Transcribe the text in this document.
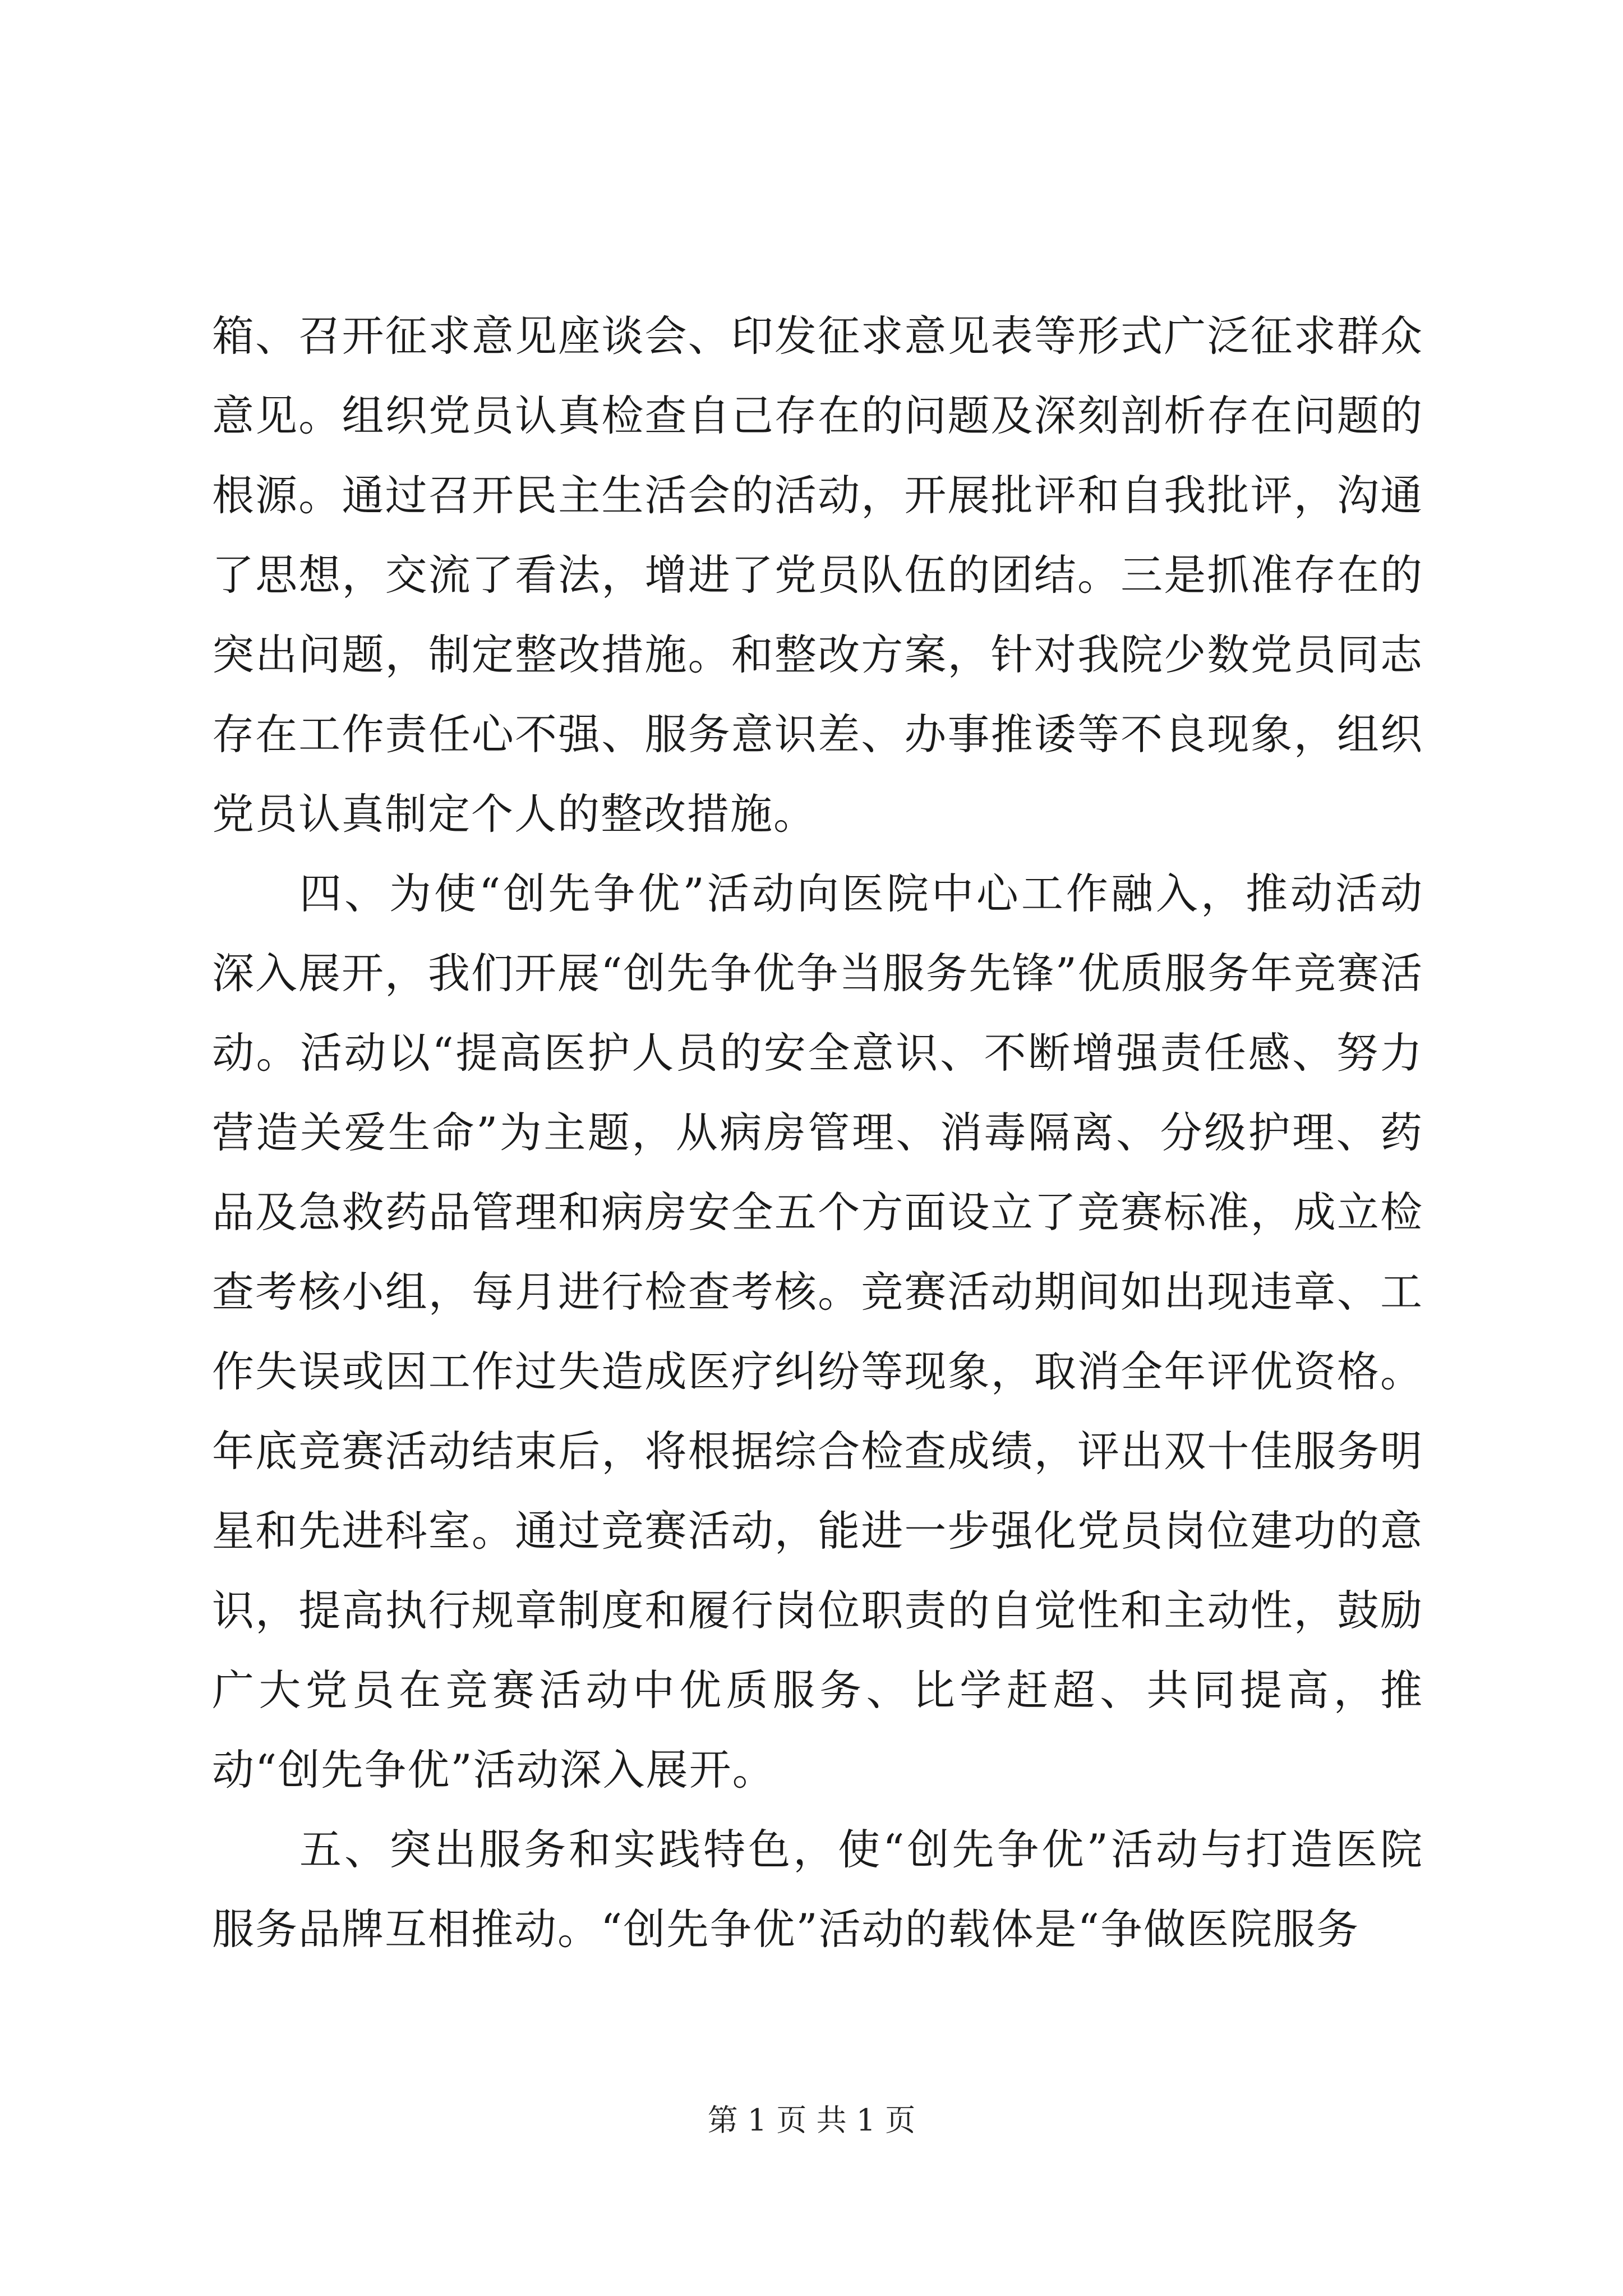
箱、召开征求意见座谈会、印发征求意见表等形式广泛征求群众意见。组织党员认真检查自己存在的问题及深刻剖析存在问题的根源。通过召开民主生活会的活动，开展批评和自我批评，沟通了思想，交流了看法，增进了党员队伍的团结。三是抓准存在的突出问题，制定整改措施。和整改方案，针对我院少数党员同志存在工作责任心不强、服务意识差、办事推诿等不良现象，组织党员认真制定个人的整改措施。

四、为使“创先争优”活动向医院中心工作融入，推动活动深入展开，我们开展“创先争优争当服务先锋”优质服务年竞赛活动。活动以“提高医护人员的安全意识、不断增强责任感、努力营造关爱生命”为主题，从病房管理、消毒隔离、分级护理、药品及急救药品管理和病房安全五个方面设立了竞赛标准，成立检查考核小组，每月进行检查考核。竞赛活动期间如出现违章、工作失误或因工作过失造成医疗纠纷等现象，取消全年评优资格。年底竞赛活动结束后，将根据综合检查成绩，评出双十佳服务明星和先进科室。通过竞赛活动，能进一步强化党员岗位建功的意识，提高执行规章制度和履行岗位职责的自觉性和主动性，鼓励广大党员在竞赛活动中优质服务、比学赶超、共同提高，推动“创先争优”活动深入展开。

五、突出服务和实践特色，使“创先争优”活动与打造医院服务品牌互相推动。“创先争优”活动的载体是“争做医院服务

第 1 页 共 1 页
